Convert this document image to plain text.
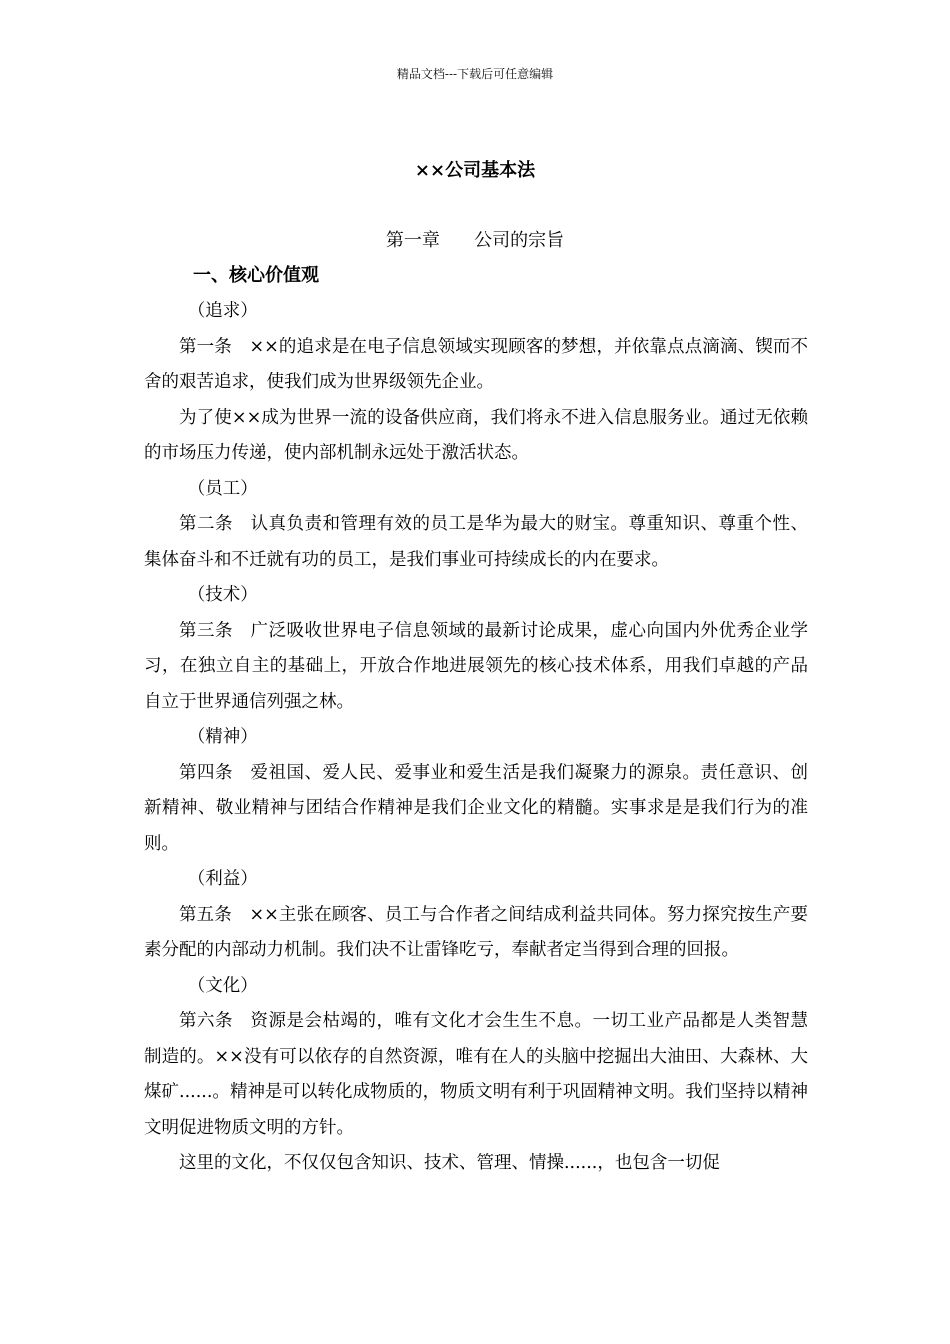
精品文档---下载后可任意编辑
××公司基本法
第一章 公司的宗旨
一、核心价值观

（追求）

第一条 ××的追求是在电子信息领域实现顾客的梦想，并依靠点点滴滴、锲而不舍的艰苦追求，使我们成为世界级领先企业。

为了使××成为世界一流的设备供应商，我们将永不进入信息服务业。通过无依赖的市场压力传递，使内部机制永远处于激活状态。

（员工）

第二条 认真负责和管理有效的员工是华为最大的财宝。尊重知识、尊重个性、集体奋斗和不迁就有功的员工，是我们事业可持续成长的内在要求。

（技术）

第三条 广泛吸收世界电子信息领域的最新讨论成果，虚心向国内外优秀企业学习，在独立自主的基础上，开放合作地进展领先的核心技术体系，用我们卓越的产品自立于世界通信列强之林。

（精神）

第四条 爱祖国、爱人民、爱事业和爱生活是我们凝聚力的源泉。责任意识、创新精神、敬业精神与团结合作精神是我们企业文化的精髓。实事求是是我们行为的准则。

（利益）

第五条 ××主张在顾客、员工与合作者之间结成利益共同体。努力探究按生产要素分配的内部动力机制。我们决不让雷锋吃亏，奉献者定当得到合理的回报。

（文化）

第六条 资源是会枯竭的，唯有文化才会生生不息。一切工业产品都是人类智慧制造的。××没有可以依存的自然资源，唯有在人的头脑中挖掘出大油田、大森林、大煤矿......。精神是可以转化成物质的，物质文明有利于巩固精神文明。我们坚持以精神文明促进物质文明的方针。

这里的文化，不仅仅包含知识、技术、管理、情操......，也包含一切促
